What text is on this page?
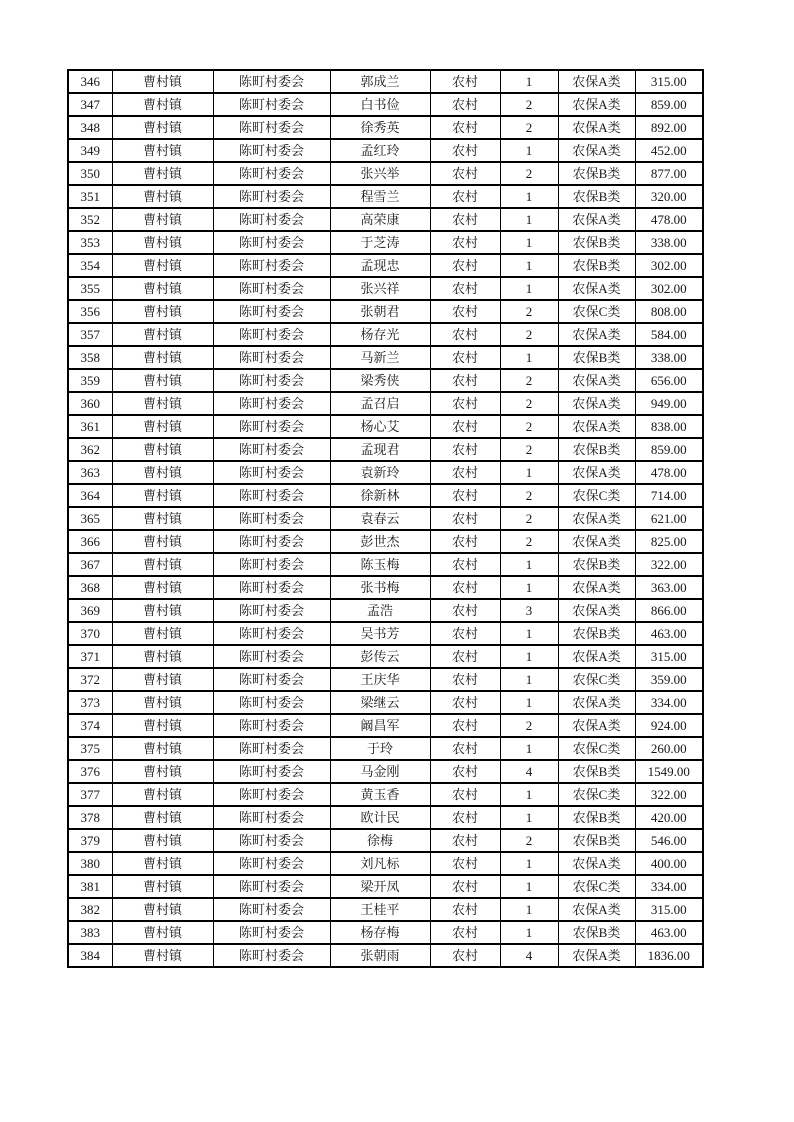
346	曹村镇	陈町村委会	郭成兰	农村	1	农保A类	315.00
347	曹村镇	陈町村委会	白书俭	农村	2	农保A类	859.00
348	曹村镇	陈町村委会	徐秀英	农村	2	农保A类	892.00
349	曹村镇	陈町村委会	孟红玲	农村	1	农保A类	452.00
350	曹村镇	陈町村委会	张兴举	农村	2	农保B类	877.00
351	曹村镇	陈町村委会	程雪兰	农村	1	农保B类	320.00
352	曹村镇	陈町村委会	高荣康	农村	1	农保A类	478.00
353	曹村镇	陈町村委会	于芝涛	农村	1	农保B类	338.00
354	曹村镇	陈町村委会	孟现忠	农村	1	农保B类	302.00
355	曹村镇	陈町村委会	张兴祥	农村	1	农保A类	302.00
356	曹村镇	陈町村委会	张朝君	农村	2	农保C类	808.00
357	曹村镇	陈町村委会	杨存光	农村	2	农保A类	584.00
358	曹村镇	陈町村委会	马新兰	农村	1	农保B类	338.00
359	曹村镇	陈町村委会	梁秀侠	农村	2	农保A类	656.00
360	曹村镇	陈町村委会	孟召启	农村	2	农保A类	949.00
361	曹村镇	陈町村委会	杨心艾	农村	2	农保A类	838.00
362	曹村镇	陈町村委会	孟现君	农村	2	农保B类	859.00
363	曹村镇	陈町村委会	袁新玲	农村	1	农保A类	478.00
364	曹村镇	陈町村委会	徐新林	农村	2	农保C类	714.00
365	曹村镇	陈町村委会	袁春云	农村	2	农保A类	621.00
366	曹村镇	陈町村委会	彭世杰	农村	2	农保A类	825.00
367	曹村镇	陈町村委会	陈玉梅	农村	1	农保B类	322.00
368	曹村镇	陈町村委会	张书梅	农村	1	农保A类	363.00
369	曹村镇	陈町村委会	孟浩	农村	3	农保A类	866.00
370	曹村镇	陈町村委会	吴书芳	农村	1	农保B类	463.00
371	曹村镇	陈町村委会	彭传云	农村	1	农保A类	315.00
372	曹村镇	陈町村委会	王庆华	农村	1	农保C类	359.00
373	曹村镇	陈町村委会	梁继云	农村	1	农保A类	334.00
374	曹村镇	陈町村委会	阚昌军	农村	2	农保A类	924.00
375	曹村镇	陈町村委会	于玲	农村	1	农保C类	260.00
376	曹村镇	陈町村委会	马金刚	农村	4	农保B类	1549.00
377	曹村镇	陈町村委会	黄玉香	农村	1	农保C类	322.00
378	曹村镇	陈町村委会	欧计民	农村	1	农保B类	420.00
379	曹村镇	陈町村委会	徐梅	农村	2	农保B类	546.00
380	曹村镇	陈町村委会	刘凡标	农村	1	农保A类	400.00
381	曹村镇	陈町村委会	梁开凤	农村	1	农保C类	334.00
382	曹村镇	陈町村委会	王桂平	农村	1	农保A类	315.00
383	曹村镇	陈町村委会	杨存梅	农村	1	农保B类	463.00
384	曹村镇	陈町村委会	张朝雨	农村	4	农保A类	1836.00
